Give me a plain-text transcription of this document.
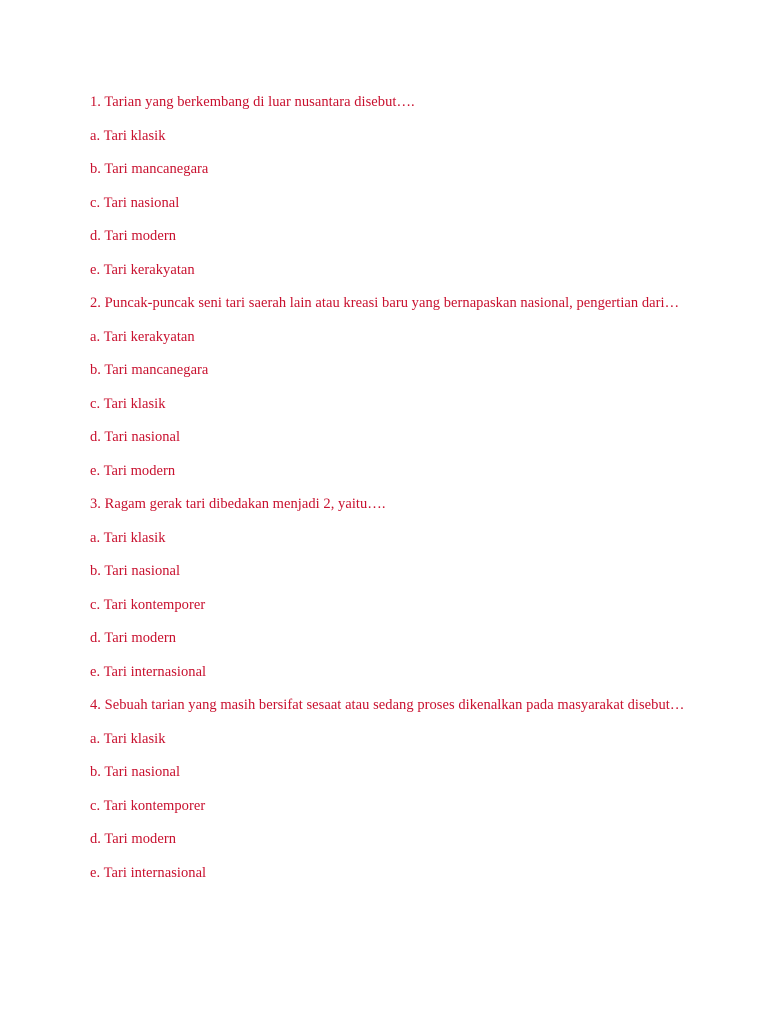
1. Tarian yang berkembang di luar nusantara disebut….

a. Tari klasik

b. Tari mancanegara

c. Tari nasional

d. Tari modern

e. Tari kerakyatan

2. Puncak-puncak seni tari saerah lain atau kreasi baru yang bernapaskan nasional, pengertian dari…

a. Tari kerakyatan

b. Tari mancanegara

c. Tari klasik

d. Tari nasional

e. Tari modern

3. Ragam gerak tari dibedakan menjadi 2, yaitu….

a. Tari klasik

b. Tari nasional

c. Tari kontemporer

d. Tari modern

e. Tari internasional

4. Sebuah tarian yang masih bersifat sesaat atau sedang proses dikenalkan pada masyarakat disebut…

a. Tari klasik

b. Tari nasional

c. Tari kontemporer

d. Tari modern

e. Tari internasional
